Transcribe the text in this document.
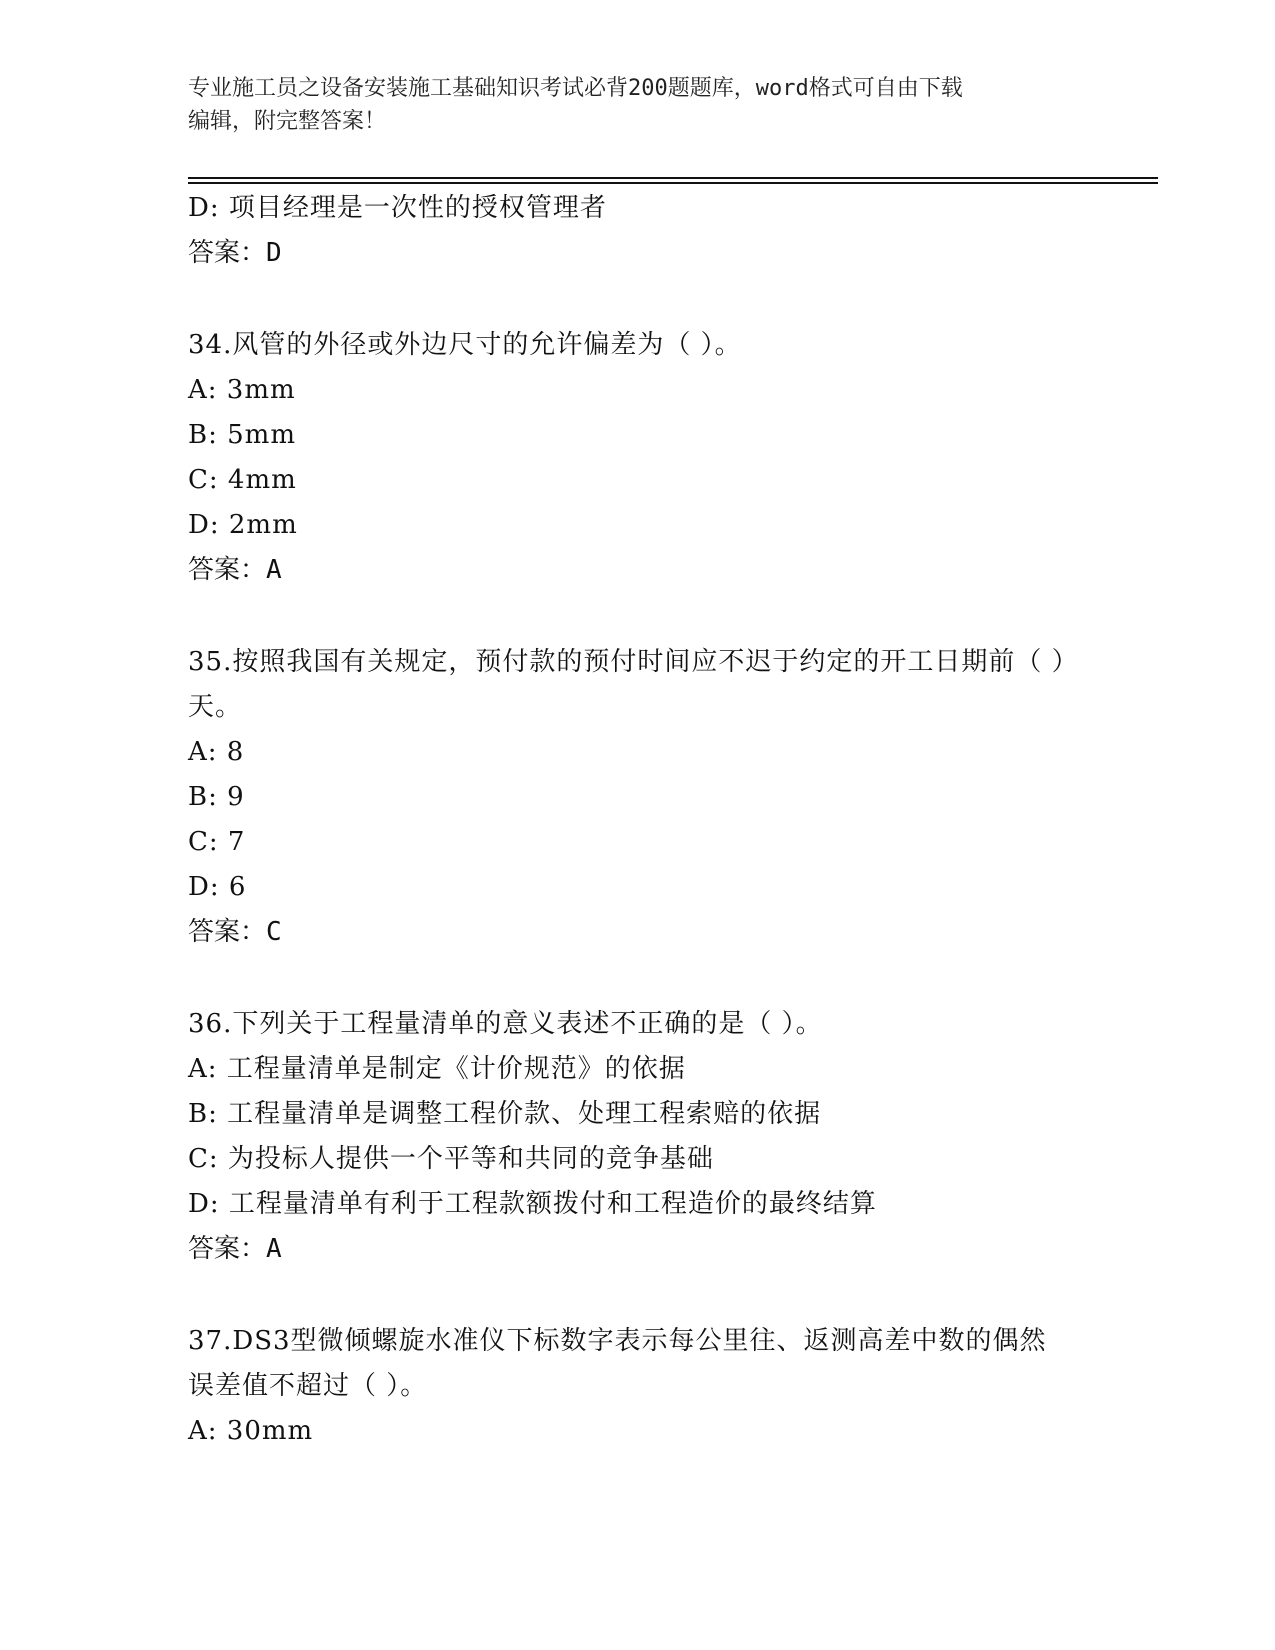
专业施工员之设备安装施工基础知识考试必背200题题库，word格式可自由下载
编辑，附完整答案！
D: 项目经理是一次性的授权管理者
答案：D
34.风管的外径或外边尺寸的允许偏差为（ ）。
A: 3mm
B: 5mm
C: 4mm
D: 2mm
答案：A
35.按照我国有关规定，预付款的预付时间应不迟于约定的开工日期前（ ）天。
A: 8
B: 9
C: 7
D: 6
答案：C
36.下列关于工程量清单的意义表述不正确的是（ ）。
A: 工程量清单是制定《计价规范》的依据
B: 工程量清单是调整工程价款、处理工程索赔的依据
C: 为投标人提供一个平等和共同的竞争基础
D: 工程量清单有利于工程款额拨付和工程造价的最终结算
答案：A
37.DS3型微倾螺旋水准仪下标数字表示每公里往、返测高差中数的偶然误差值不超过（ ）。
A: 30mm
